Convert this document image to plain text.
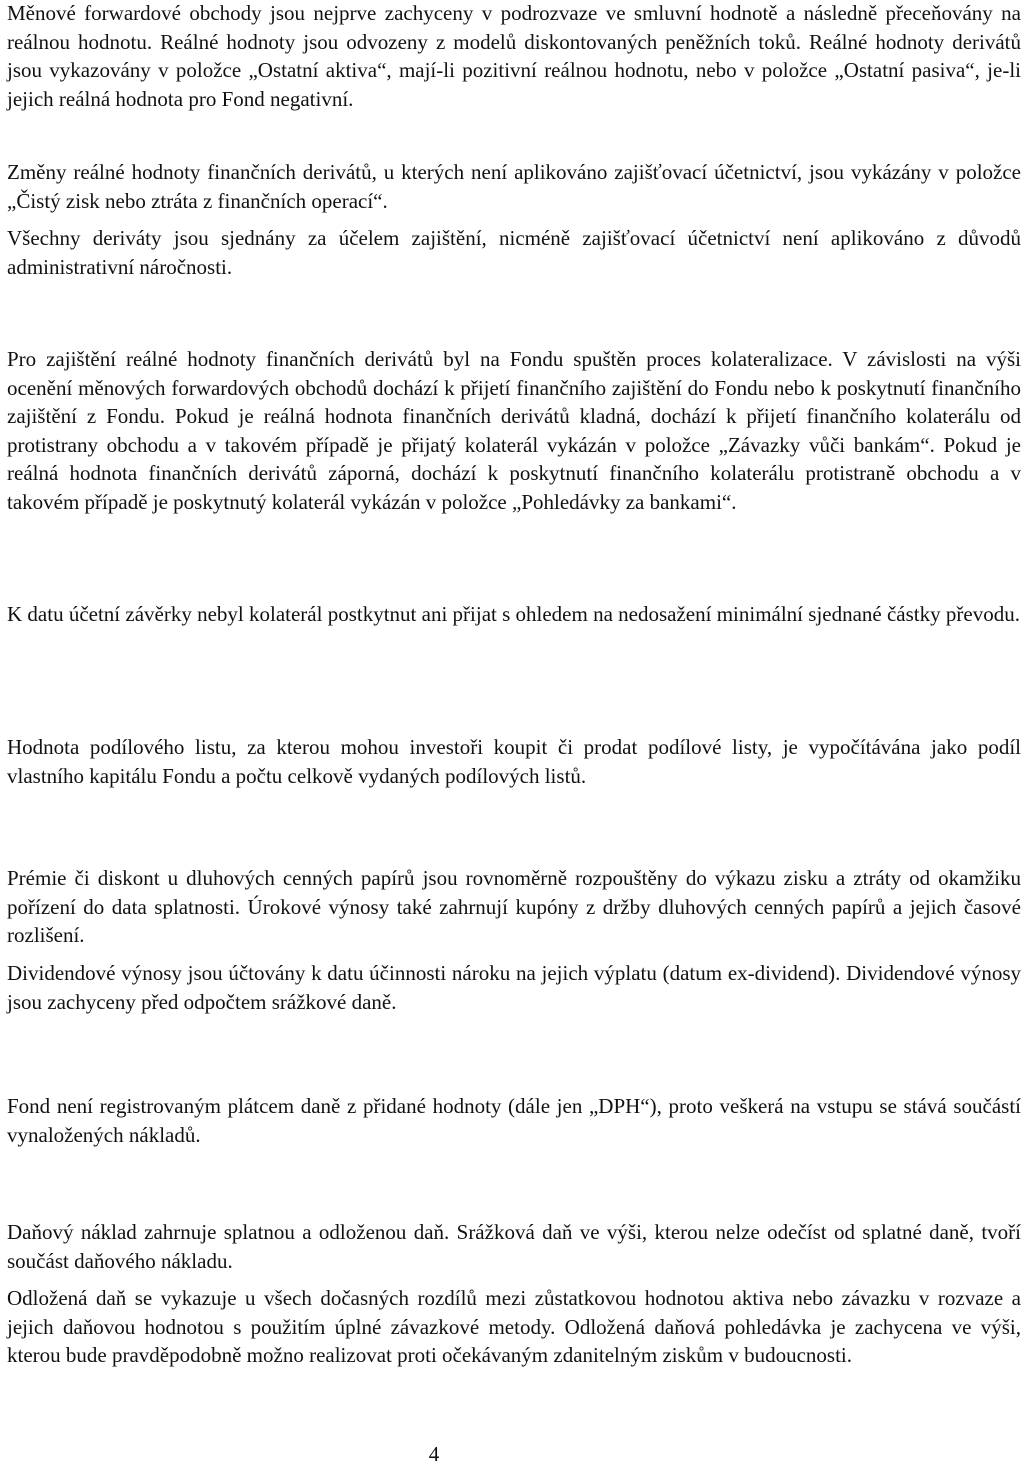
Měnové forwardové obchody jsou nejprve zachyceny v podrozvaze ve smluvní hodnotě a následně přeceňovány na reálnou hodnotu. Reálné hodnoty jsou odvozeny z modelů diskontovaných peněžních toků. Reálné hodnoty derivátů jsou vykazovány v položce „Ostatní aktiva“, mají-li pozitivní reálnou hodnotu, nebo v položce „Ostatní pasiva“, je-li jejich reálná hodnota pro Fond negativní.

Změny reálné hodnoty finančních derivátů, u kterých není aplikováno zajišťovací účetnictví, jsou vykázány v položce „Čistý zisk nebo ztráta z finančních operací“.

Všechny deriváty jsou sjednány za účelem zajištění, nicméně zajišťovací účetnictví není aplikováno z důvodů administrativní náročnosti.

Pro zajištění reálné hodnoty finančních derivátů byl na Fondu spuštěn proces kolateralizace. V závislosti na výši ocenění měnových forwardových obchodů dochází k přijetí finančního zajištění do Fondu nebo k poskytnutí finančního zajištění z Fondu. Pokud je reálná hodnota finančních derivátů kladná, dochází k přijetí finančního kolaterálu od protistrany obchodu a v takovém případě je přijatý kolaterál vykázán v položce „Závazky vůči bankám“. Pokud je reálná hodnota finančních derivátů záporná, dochází k poskytnutí finančního kolaterálu protistraně obchodu a v takovém případě je poskytnutý kolaterál vykázán v položce „Pohledávky za bankami“.

K datu účetní závěrky nebyl kolaterál postkytnut ani přijat s ohledem na nedosažení minimální sjednané částky převodu.

Hodnota podílového listu, za kterou mohou investoři koupit či prodat podílové listy, je vypočítávána jako podíl vlastního kapitálu Fondu a počtu celkově vydaných podílových listů.

Prémie či diskont u dluhových cenných papírů jsou rovnoměrně rozpouštěny do výkazu zisku a ztráty od okamžiku pořízení do data splatnosti. Úrokové výnosy také zahrnují kupóny z držby dluhových cenných papírů a jejich časové rozlišení.

Dividendové výnosy jsou účtovány k datu účinnosti nároku na jejich výplatu (datum ex-dividend). Dividendové výnosy jsou zachyceny před odpočtem srážkové daně.

Fond není registrovaným plátcem daně z přidané hodnoty (dále jen „DPH“), proto veškerá na vstupu se stává součástí vynaložených nákladů.

Daňový náklad zahrnuje splatnou a odloženou daň. Srážková daň ve výši, kterou nelze odečíst od splatné daně, tvoří součást daňového nákladu.

Odložená daň se vykazuje u všech dočasných rozdílů mezi zůstatkovou hodnotou aktiva nebo závazku v rozvaze a jejich daňovou hodnotou s použitím úplné závazkové metody. Odložená daňová pohledávka je zachycena ve výši, kterou bude pravděpodobně možno realizovat proti očekávaným zdanitelným ziskům v budoucnosti.

4
